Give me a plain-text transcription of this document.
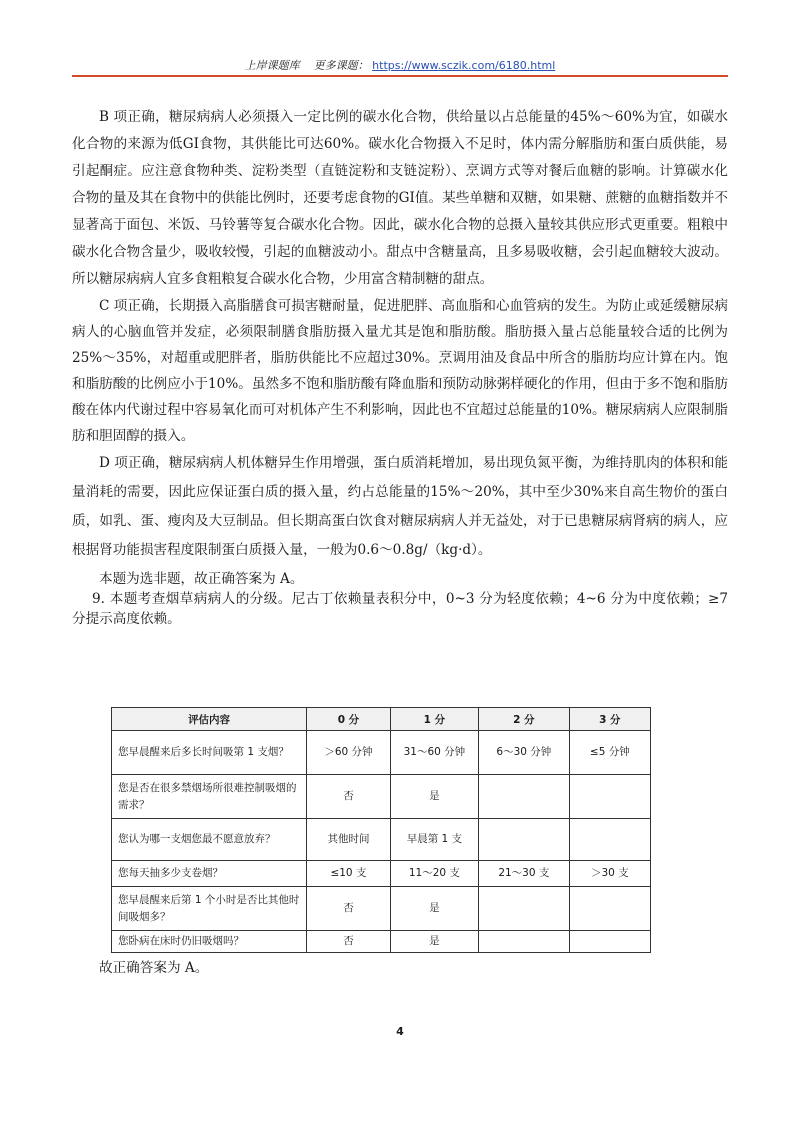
上岸课题库 更多课题： https://www.sczik.com/6180.html

B 项正确，糖尿病病人必须摄入一定比例的碳水化合物，供给量以占总能量的45%～60%为宜，如碳水化合物的来源为低GI食物，其供能比可达60%。碳水化合物摄入不足时，体内需分解脂肪和蛋白质供能，易引起酮症。应注意食物种类、淀粉类型（直链淀粉和支链淀粉）、烹调方式等对餐后血糖的影响。计算碳水化合物的量及其在食物中的供能比例时，还要考虑食物的GI值。某些单糖和双糖，如果糖、蔗糖的血糖指数并不显著高于面包、米饭、马铃薯等复合碳水化合物。因此，碳水化合物的总摄入量较其供应形式更重要。粗粮中碳水化合物含量少，吸收较慢，引起的血糖波动小。甜点中含糖量高，且多易吸收糖，会引起血糖较大波动。所以糖尿病病人宜多食粗粮复合碳水化合物，少用富含精制糖的甜点。

C 项正确，长期摄入高脂膳食可损害糖耐量，促进肥胖、高血脂和心血管病的发生。为防止或延缓糖尿病病人的心脑血管并发症，必须限制膳食脂肪摄入量尤其是饱和脂肪酸。脂肪摄入量占总能量较合适的比例为25%～35%，对超重或肥胖者，脂肪供能比不应超过30%。烹调用油及食品中所含的脂肪均应计算在内。饱和脂肪酸的比例应小于10%。虽然多不饱和脂肪酸有降血脂和预防动脉粥样硬化的作用，但由于多不饱和脂肪酸在体内代谢过程中容易氧化而可对机体产生不利影响，因此也不宜超过总能量的10%。糖尿病病人应限制脂肪和胆固醇的摄入。

D 项正确，糖尿病病人机体糖异生作用增强，蛋白质消耗增加，易出现负氮平衡，为维持肌肉的体积和能量消耗的需要，因此应保证蛋白质的摄入量，约占总能量的15%～20%，其中至少30%来自高生物价的蛋白质，如乳、蛋、瘦肉及大豆制品。但长期高蛋白饮食对糖尿病病人并无益处，对于已患糖尿病肾病的病人，应根据肾功能损害程度限制蛋白质摄入量，一般为0.6～0.8g/（kg·d）。

本题为选非题，故正确答案为 A。

9. 本题考查烟草病病人的分级。尼古丁依赖量表积分中，0~3 分为轻度依赖；4~6 分为中度依赖；≥7 分提示高度依赖。

评估内容	0 分	1 分	2 分	3 分
您早晨醒来后多长时间吸第 1 支烟？	＞60 分钟	31～60 分钟	6～30 分钟	≤5 分钟
您是否在很多禁烟场所很难控制吸烟的需求？	否	是		
您认为哪一支烟您最不愿意放弃？	其他时间	早晨第 1 支		
您每天抽多少支卷烟？	≤10 支	11～20 支	21～30 支	＞30 支
您早晨醒来后第 1 个小时是否比其他时间吸烟多？	否	是		
您卧病在床时仍旧吸烟吗？	否	是		
故正确答案为 A。
4
